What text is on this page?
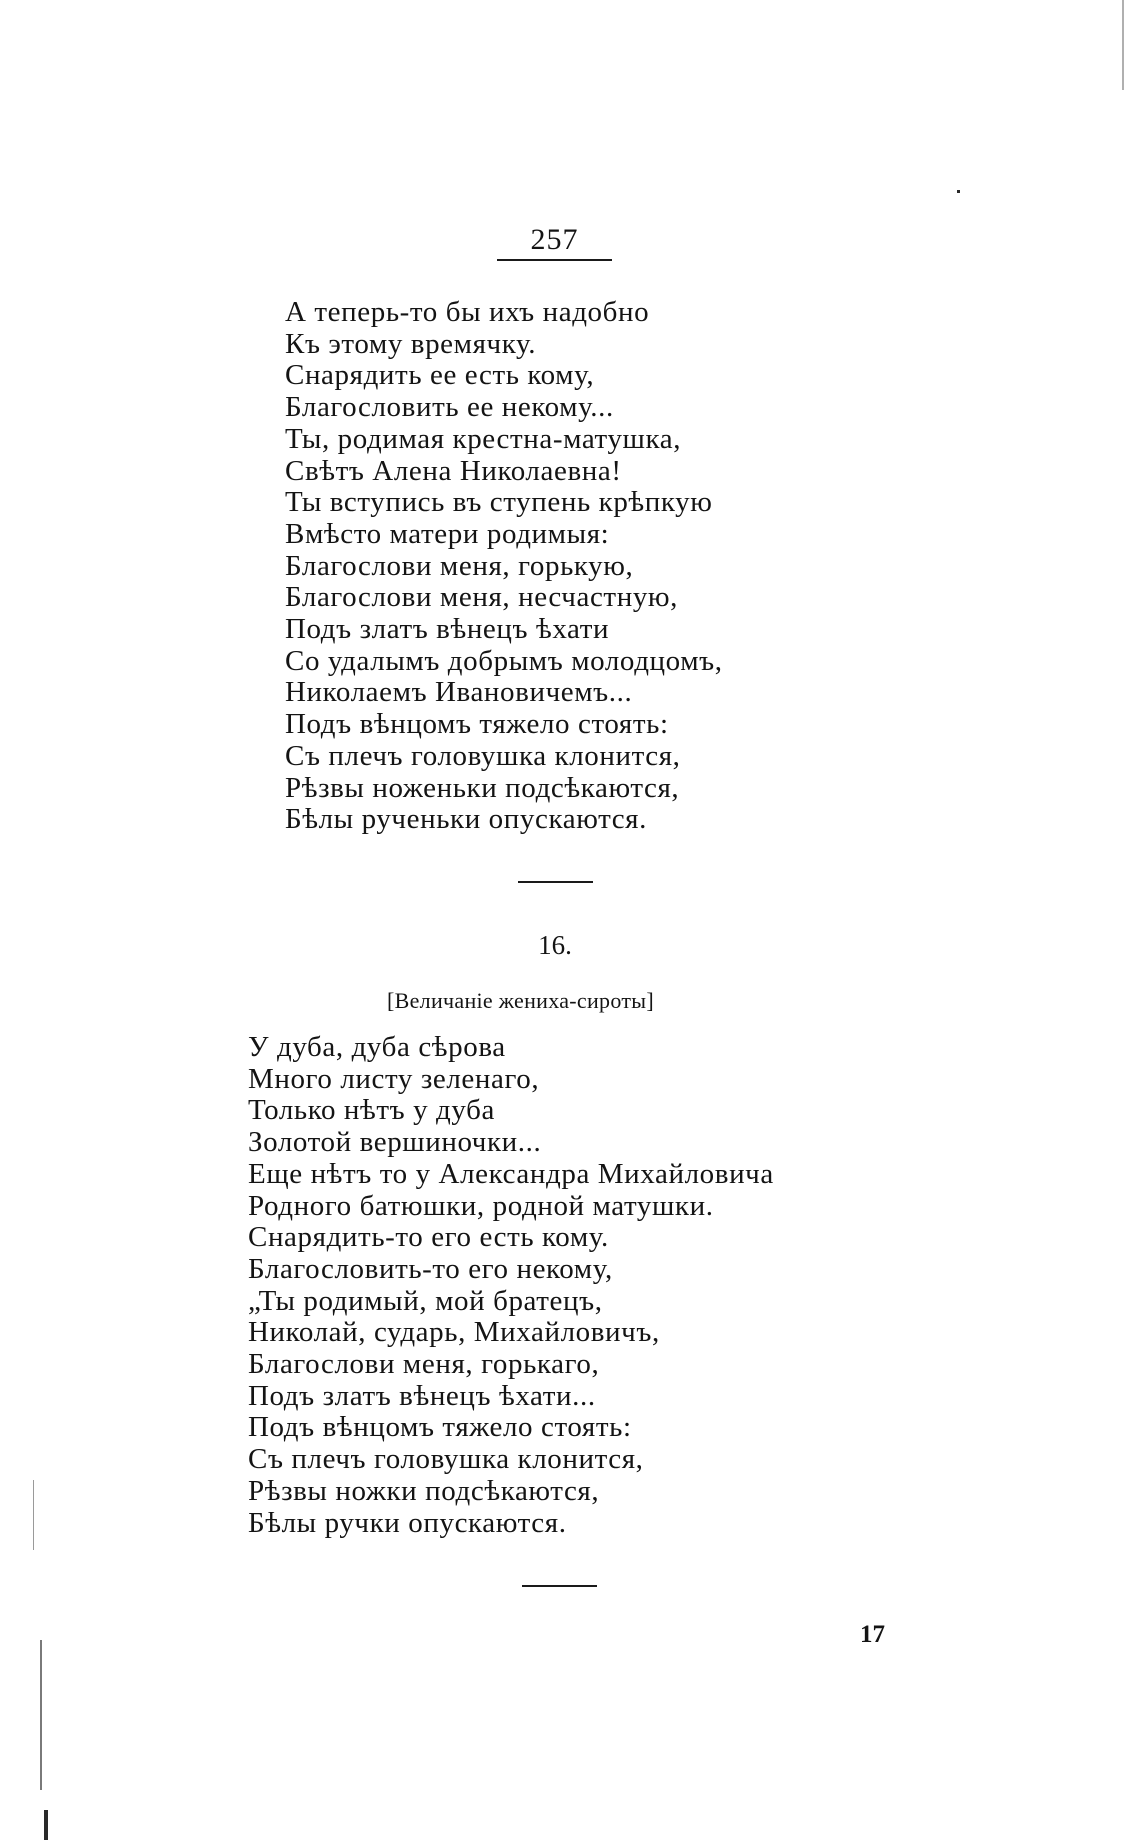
257
А теперь-то бы ихъ надобно
Къ этому времячку.
Снарядить ее есть кому,
Благословить ее некому...
Ты, родимая крестна-матушка,
Свѣтъ Алена Николаевна!
Ты вступись въ ступень крѣпкую
Вмѣсто матери родимыя:
Благослови меня, горькую,
Благослови меня, несчастную,
Подъ златъ вѣнецъ ѣхати
Со удалымъ добрымъ молодцомъ,
Николаемъ Ивановичемъ...
Подъ вѣнцомъ тяжело стоять:
Съ плечъ головушка клонится,
Рѣзвы ноженьки подсѣкаются,
Бѣлы рученьки опускаются.
16.
[Величаніе жениха-сироты]
У дуба, дуба сѣрова
Много листу зеленаго,
Только нѣтъ у дуба
Золотой вершиночки...
Еще нѣтъ то у Александра Михайловича
Родного батюшки, родной матушки.
Снарядить-то его есть кому.
Благословить-то его некому,
„Ты родимый, мой братецъ,
Николай, сударь, Михайловичъ,
Благослови меня, горькаго,
Подъ златъ вѣнецъ ѣхати...
Подъ вѣнцомъ тяжело стоять:
Съ плечъ головушка клонится,
Рѣзвы ножки подсѣкаются,
Бѣлы ручки опускаются.
17
